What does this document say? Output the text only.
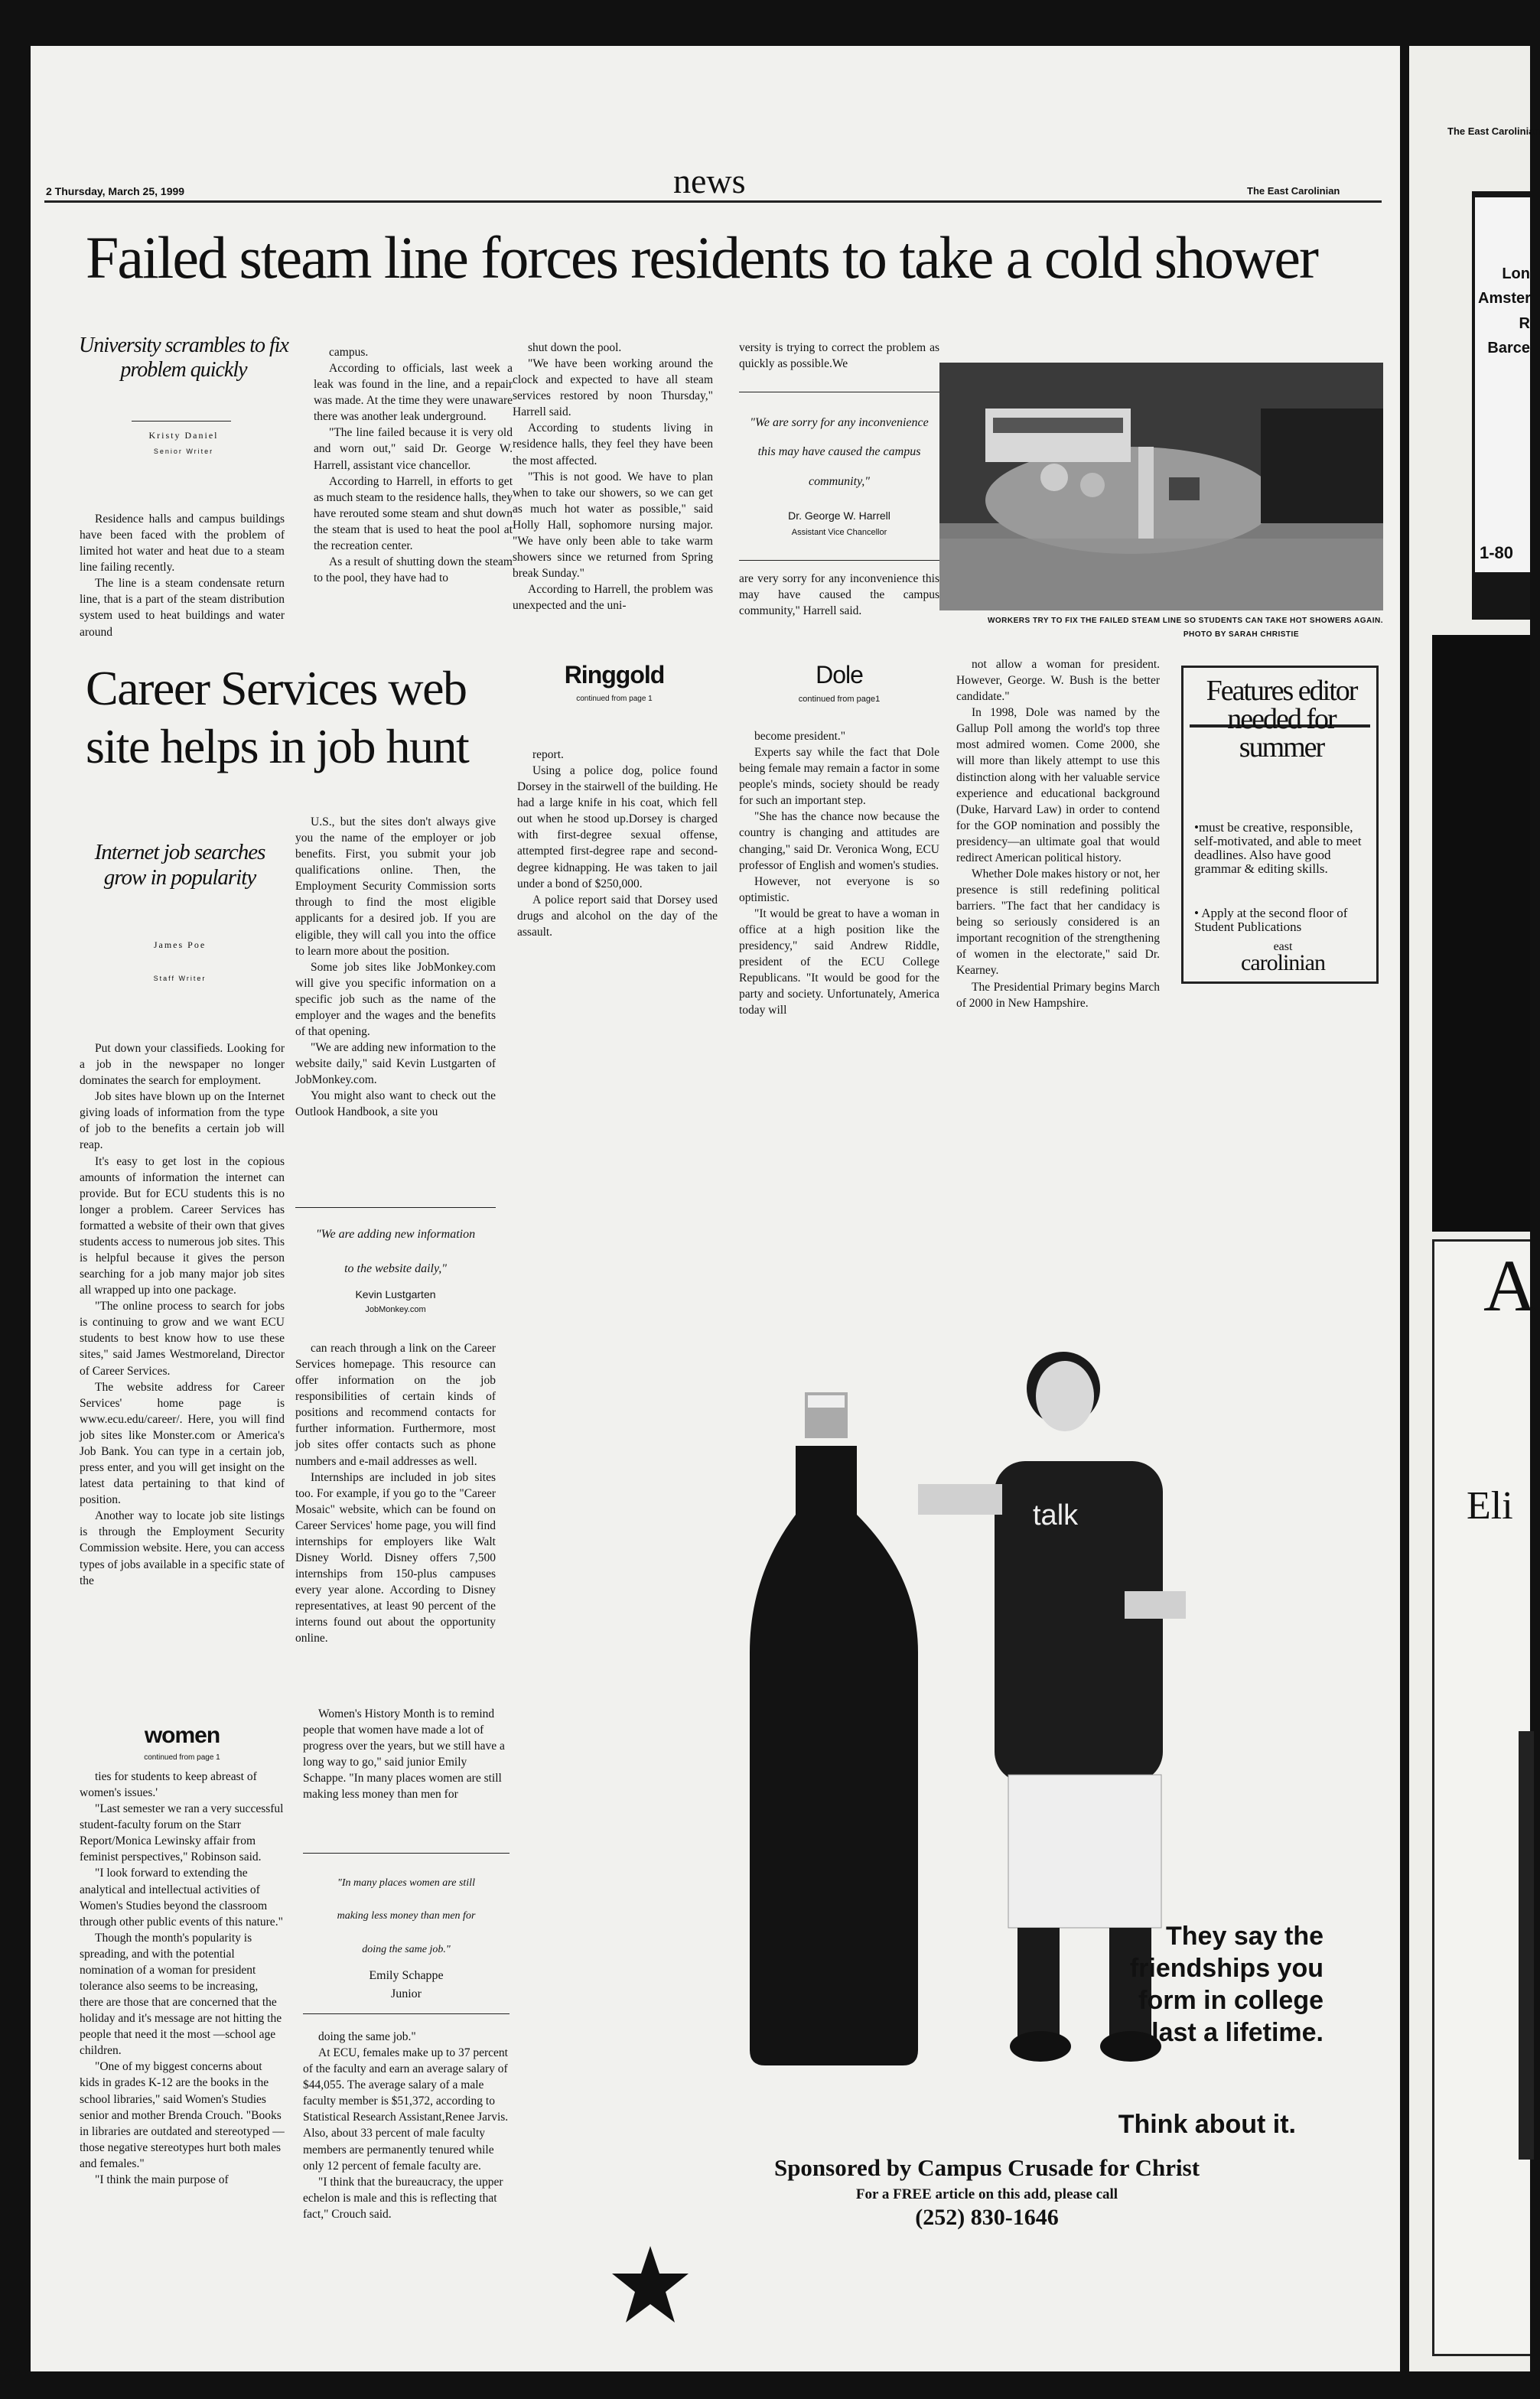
2 Thursday, March 25, 1999	news	The East Carolinian
Failed steam line forces residents to take a cold shower
University scrambles to fix problem quickly
Kristy Daniel
Senior Writer

Residence halls and campus buildings have been faced with the problem of limited hot water and heat due to a steam line failing recently.

The line is a steam condensate return line, that is a part of the steam distribution system used to heat buildings and water around

campus.

According to officials, last week a leak was found in the line, and a repair was made. At the time they were unaware there was another leak underground.

"The line failed because it is very old and worn out," said Dr. George W. Harrell, assistant vice chancellor.

According to Harrell, in efforts to get as much steam to the residence halls, they have rerouted some steam and shut down the steam that is used to heat the pool at the recreation center.

As a result of shutting down the steam to the pool, they have had to

shut down the pool.

"We have been working around the clock and expected to have all steam services restored by noon Thursday," Harrell said.

According to students living in residence halls, they feel they have been the most affected.

"This is not good. We have to plan when to take our showers, so we can get as much hot water as possible," said Holly Hall, sophomore nursing major. "We have only been able to take warm showers since we returned from Spring break Sunday."

According to Harrell, the problem was unexpected and the uni-

versity is trying to correct the problem as quickly as possible.We
"We are sorry for any inconvenience
this may have caused the campus
community,"
Dr. George W. Harrell
Assistant Vice Chancellor
are very sorry for any inconvenience this may have caused the campus community," Harrell said.
WORKERS TRY TO FIX THE FAILED STEAM LINE SO STUDENTS CAN TAKE HOT SHOWERS AGAIN.
PHOTO BY SARAH CHRISTIE
Career Services web
site helps in job hunt
Internet job searches grow in popularity
James Poe
Staff Writer

Put down your classifieds. Looking for a job in the newspaper no longer dominates the search for employment.

Job sites have blown up on the Internet giving loads of information from the type of job to the benefits a certain job will reap.

It's easy to get lost in the copious amounts of information the internet can provide. But for ECU students this is no longer a problem. Career Services has formatted a website of their own that gives students access to numerous job sites. This is helpful because it gives the person searching for a job many major job sites all wrapped up into one package.

"The online process to search for jobs is continuing to grow and we want ECU students to best know how to use these sites," said James Westmoreland, Director of Career Services.

The website address for Career Services' home page is www.ecu.edu/career/. Here, you will find job sites like Monster.com or America's Job Bank. You can type in a certain job, press enter, and you will get insight on the latest data pertaining to that kind of position.

Another way to locate job site listings is through the Employment Security Commission website. Here, you can access types of jobs available in a specific state of the

U.S., but the sites don't always give you the name of the employer or job benefits. First, you submit your job qualifications online. Then, the Employment Security Commission sorts through to find the most eligible applicants for a desired job. If you are eligible, they will call you into the office to learn more about the position.

Some job sites like JobMonkey.com will give you specific information on a specific job such as the name of the employer and the wages and the benefits of that opening.

"We are adding new information to the website daily," said Kevin Lustgarten of JobMonkey.com.

You might also want to check out the Outlook Handbook, a site you

"We are adding new information
to the website daily,"
Kevin Lustgarten
JobMonkey.com

can reach through a link on the Career Services homepage. This resource can offer information on the job responsibilities of certain kinds of positions and recommend contacts for further information. Furthermore, most job sites offer contacts such as phone numbers and e-mail addresses as well.

Internships are included in job sites too. For example, if you go to the "Career Mosaic" website, which can be found on Career Services' home page, you will find internships for employers like Walt Disney World. Disney offers 7,500 internships from 150-plus campuses every year alone. According to Disney representatives, at least 90 percent of the interns found out about the opportunity online.

Ringgold
continued from page 1

report.

Using a police dog, police found Dorsey in the stairwell of the building. He had a large knife in his coat, which fell out when he stood up.Dorsey is charged with first-degree sexual offense, attempted first-degree rape and second-degree kidnapping. He was taken to jail under a bond of $250,000.

A police report said that Dorsey used drugs and alcohol on the day of the assault.

Dole
continued from page1

become president."

Experts say while the fact that Dole being female may remain a factor in some people's minds, society should be ready for such an important step.

"She has the chance now because the country is changing and attitudes are changing," said Dr. Veronica Wong, ECU professor of English and women's studies.

However, not everyone is so optimistic.

"It would be great to have a woman in office at a high position like the presidency," said Andrew Riddle, president of the ECU College Republicans. "It would be good for the party and society. Unfortunately, America today will

not allow a woman for president. However, George. W. Bush is the better candidate."

In 1998, Dole was named by the Gallup Poll among the world's top three most admired women. Come 2000, she will more than likely attempt to use this distinction along with her valuable service experience and educational background (Duke, Harvard Law) in order to contend for the GOP nomination and possibly the presidency—an ultimate goal that would redirect American political history.

Whether Dole makes history or not, her presence is still redefining political barriers. "The fact that her candidacy is being so seriously considered is an important recognition of the strengthening of women in the electorate," said Dr. Kearney.

The Presidential Primary begins March of 2000 in New Hampshire.

Features editor needed for summer
•must be creative, responsible, self-motivated, and able to meet deadlines. Also have good grammar & editing skills.
• Apply at the second floor of Student Publications
east
carolinian
women
continued from page 1

ties for students to keep abreast of women's issues.'

"Last semester we ran a very successful student-faculty forum on the Starr Report/Monica Lewinsky affair from feminist perspectives," Robinson said.

"I look forward to extending the analytical and intellectual activities of Women's Studies beyond the classroom through other public events of this nature."

Though the month's popularity is spreading, and with the potential nomination of a woman for president tolerance also seems to be increasing, there are those that are concerned that the holiday and it's message are not hitting the people that need it the most —school age children.

"One of my biggest concerns about kids in grades K-12 are the books in the school libraries," said Women's Studies senior and mother Brenda Crouch. "Books in libraries are outdated and stereotyped — those negative stereotypes hurt both males and females."

"I think the main purpose of

Women's History Month is to remind people that women have made a lot of progress over the years, but we still have a long way to go," said junior Emily Schappe. "In many places women are still making less money than men for

"In many places women are still
making less money than men for
doing the same job."
Emily Schappe
Junior

doing the same job."

At ECU, females make up to 37 percent of the faculty and earn an average salary of $44,055. The average salary of a male faculty member is $51,372, according to Statistical Research Assistant,Renee Jarvis. Also, about 33 percent of male faculty members are permanently tenured while only 12 percent of female faculty are.

"I think that the bureaucracy, the upper echelon is male and this is reflecting that fact," Crouch said.

talk
They say the
friendships you
form in college
last a lifetime.
Think about it.
Sponsored by Campus Crusade for Christ
For a FREE article on this add, please call
(252) 830-1646
The East Carolinian
Lon
Amster
R
Barce
1-80
A
Eli
